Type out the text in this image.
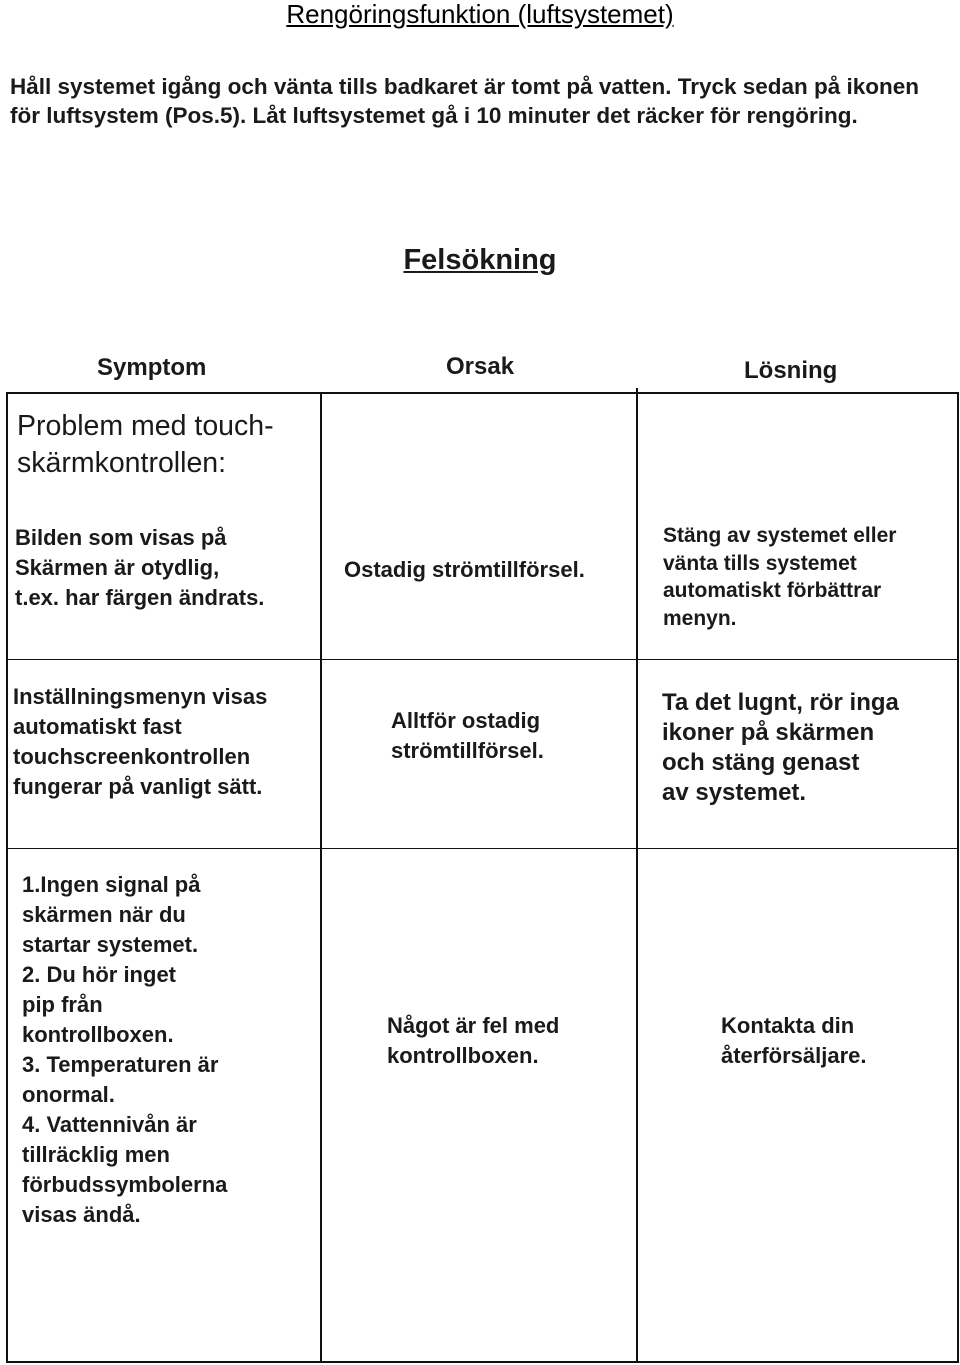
Rengöringsfunktion (luftsystemet)
Håll systemet igång och vänta tills badkaret är tomt på vatten. Tryck sedan på ikonen för luftsystem (Pos.5). Låt luftsystemet gå i 10 minuter det räcker för rengöring.
Felsökning
Symptom	Orsak	Lösning
Problem med touch-
skärmkontrollen:
Bilden som visas på
Skärmen är otydlig,
t.ex. har färgen ändrats.
Ostadig strömtillförsel.
Stäng av systemet eller
vänta tills systemet
automatiskt förbättrar
menyn.
Inställningsmenyn visas
automatiskt fast
touchscreenkontrollen
fungerar på vanligt sätt.
Alltför ostadig
strömtillförsel.
Ta det lugnt, rör inga
ikoner på skärmen
och stäng genast
av systemet.
1.Ingen signal på
skärmen när du
startar systemet.
2. Du hör inget
pip från
kontrollboxen.
3. Temperaturen är
onormal.
4. Vattennivån är
tillräcklig men
förbudssymbolerna
visas ändå.
Något är fel med
kontrollboxen.
Kontakta din
återförsäljare.
